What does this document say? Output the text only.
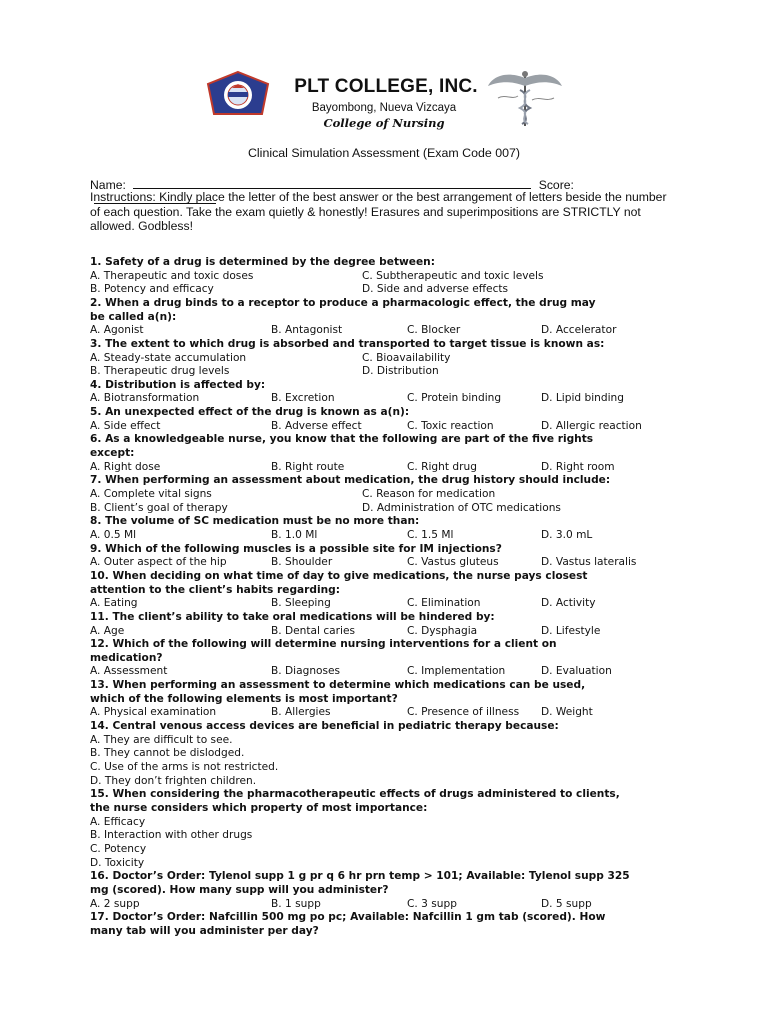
PLT COLLEGE, INC.
Bayombong, Nueva Vizcaya
College of Nursing
Clinical Simulation Assessment (Exam Code 007)
Name:	Score:
Instructions: Kindly place the letter of the best answer or the best arrangement of letters beside the number of each question. Take the exam quietly & honestly! Erasures and superimpositions are STRICTLY not allowed. Godbless!
1. Safety of a drug is determined by the degree between:
A. Therapeutic and toxic doses	C. Subtherapeutic and toxic levels
B. Potency and efficacy	D. Side and adverse effects
2. When a drug binds to a receptor to produce a pharmacologic effect, the drug may
be called a(n):
A. Agonist	B. Antagonist	C. Blocker	D. Accelerator
3. The extent to which drug is absorbed and transported to target tissue is known as:
A. Steady-state accumulation	C. Bioavailability
B. Therapeutic drug levels	D. Distribution
4. Distribution is affected by:
A. Biotransformation	B. Excretion	C. Protein binding	D. Lipid binding
5. An unexpected effect of the drug is known as a(n):
A. Side effect	B. Adverse effect	C. Toxic reaction	D. Allergic reaction
6. As a knowledgeable nurse, you know that the following are part of the five rights
except:
A. Right dose	B. Right route	C. Right drug	D. Right room
7. When performing an assessment about medication, the drug history should include:
A. Complete vital signs	C. Reason for medication
B. Client’s goal of therapy	D. Administration of OTC medications
8. The volume of SC medication must be no more than:
A. 0.5 Ml	B. 1.0 Ml	C. 1.5 Ml	D. 3.0 mL
9. Which of the following muscles is a possible site for IM injections?
A. Outer aspect of the hip	B. Shoulder	C. Vastus gluteus	D. Vastus lateralis
10. When deciding on what time of day to give medications, the nurse pays closest
attention to the client’s habits regarding:
A. Eating	B. Sleeping	C. Elimination	D. Activity
11. The client’s ability to take oral medications will be hindered by:
A. Age	B. Dental caries	C. Dysphagia	D. Lifestyle
12. Which of the following will determine nursing interventions for a client on
medication?
A. Assessment	B. Diagnoses	C. Implementation	D. Evaluation
13. When performing an assessment to determine which medications can be used,
which of the following elements is most important?
A. Physical examination	B. Allergies	C. Presence of illness D. Weight
14. Central venous access devices are beneficial in pediatric therapy because:
A. They are difficult to see.
B. They cannot be dislodged.
C. Use of the arms is not restricted.
D. They don’t frighten children.
15. When considering the pharmacotherapeutic effects of drugs administered to clients,
the nurse considers which property of most importance:
A. Efficacy
B. Interaction with other drugs
C. Potency
D. Toxicity
16. Doctor’s Order: Tylenol supp 1 g pr q 6 hr prn temp > 101; Available: Tylenol supp 325
mg (scored). How many supp will you administer?
A. 2 supp	B. 1 supp	C. 3 supp	D. 5 supp
17. Doctor’s Order: Nafcillin 500 mg po pc; Available: Nafcillin 1 gm tab (scored). How
many tab will you administer per day?
